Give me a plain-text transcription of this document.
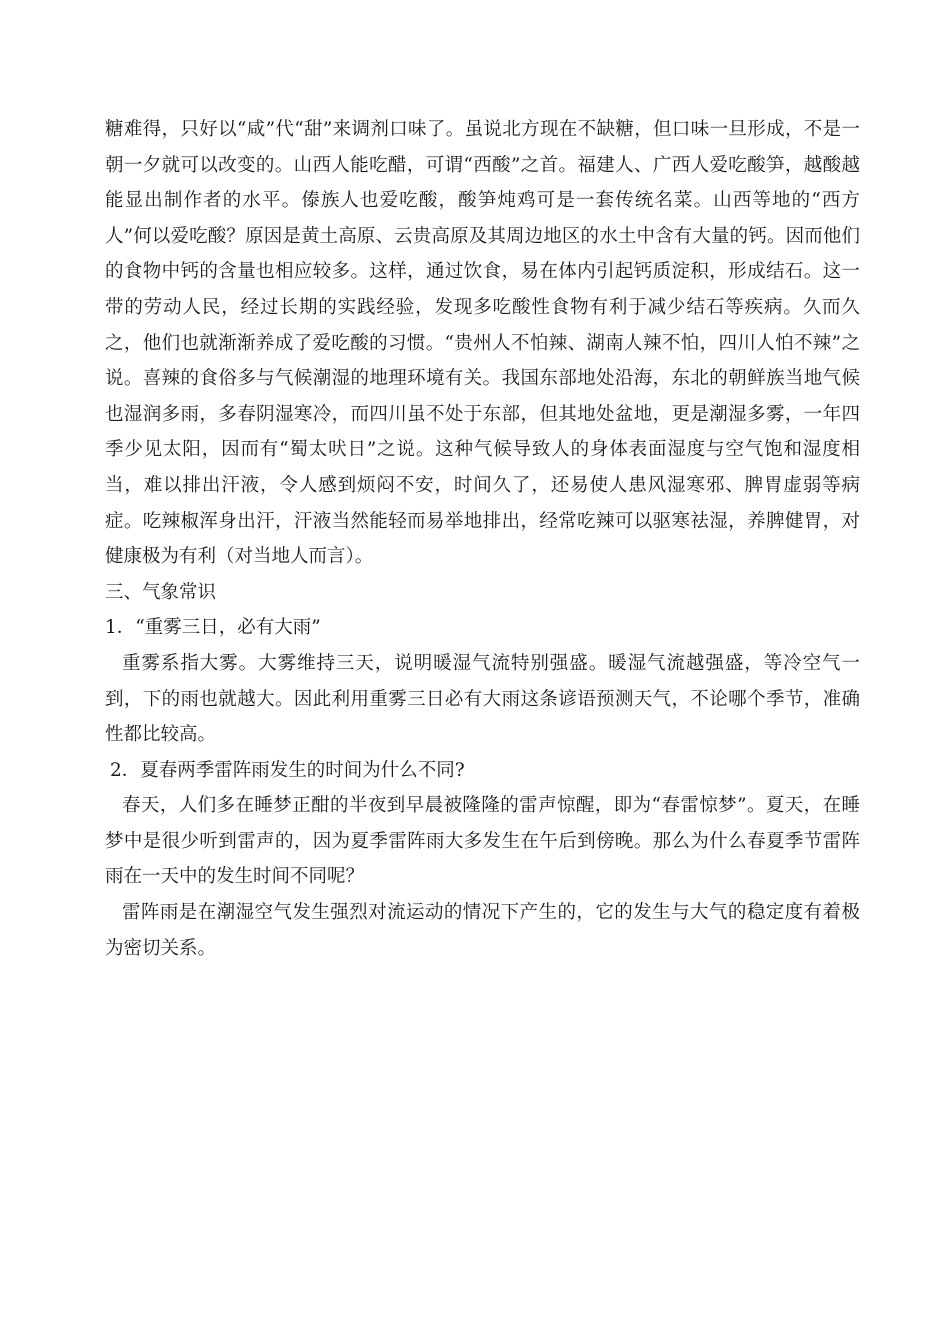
糖难得，只好以“咸”代“甜”来调剂口味了。虽说北方现在不缺糖，但口味一旦形成，不是一朝一夕就可以改变的。山西人能吃醋，可谓“西酸”之首。福建人、广西人爱吃酸笋，越酸越能显出制作者的水平。傣族人也爱吃酸，酸笋炖鸡可是一套传统名菜。山西等地的“西方人”何以爱吃酸？原因是黄土高原、云贵高原及其周边地区的水土中含有大量的钙。因而他们的食物中钙的含量也相应较多。这样，通过饮食，易在体内引起钙质淀积，形成结石。这一带的劳动人民，经过长期的实践经验，发现多吃酸性食物有利于减少结石等疾病。久而久之，他们也就渐渐养成了爱吃酸的习惯。“贵州人不怕辣、湖南人辣不怕，四川人怕不辣”之说。喜辣的食俗多与气候潮湿的地理环境有关。我国东部地处沿海，东北的朝鲜族当地气候也湿润多雨，多春阴湿寒冷，而四川虽不处于东部，但其地处盆地，更是潮湿多雾，一年四季少见太阳，因而有“蜀太吠日”之说。这种气候导致人的身体表面湿度与空气饱和湿度相当，难以排出汗液，令人感到烦闷不安，时间久了，还易使人患风湿寒邪、脾胃虚弱等病症。吃辣椒浑身出汗，汗液当然能轻而易举地排出，经常吃辣可以驱寒祛湿，养脾健胃，对健康极为有利（对当地人而言）。

三、气象常识

1．“重雾三日，必有大雨”

重雾系指大雾。大雾维持三天，说明暖湿气流特别强盛。暖湿气流越强盛，等冷空气一到，下的雨也就越大。因此利用重雾三日必有大雨这条谚语预测天气，不论哪个季节，准确性都比较高。

2．夏春两季雷阵雨发生的时间为什么不同?

春天，人们多在睡梦正酣的半夜到早晨被隆隆的雷声惊醒，即为“春雷惊梦”。夏天，在睡梦中是很少听到雷声的，因为夏季雷阵雨大多发生在午后到傍晚。那么为什么春夏季节雷阵雨在一天中的发生时间不同呢？

雷阵雨是在潮湿空气发生强烈对流运动的情况下产生的，它的发生与大气的稳定度有着极为密切关系。
